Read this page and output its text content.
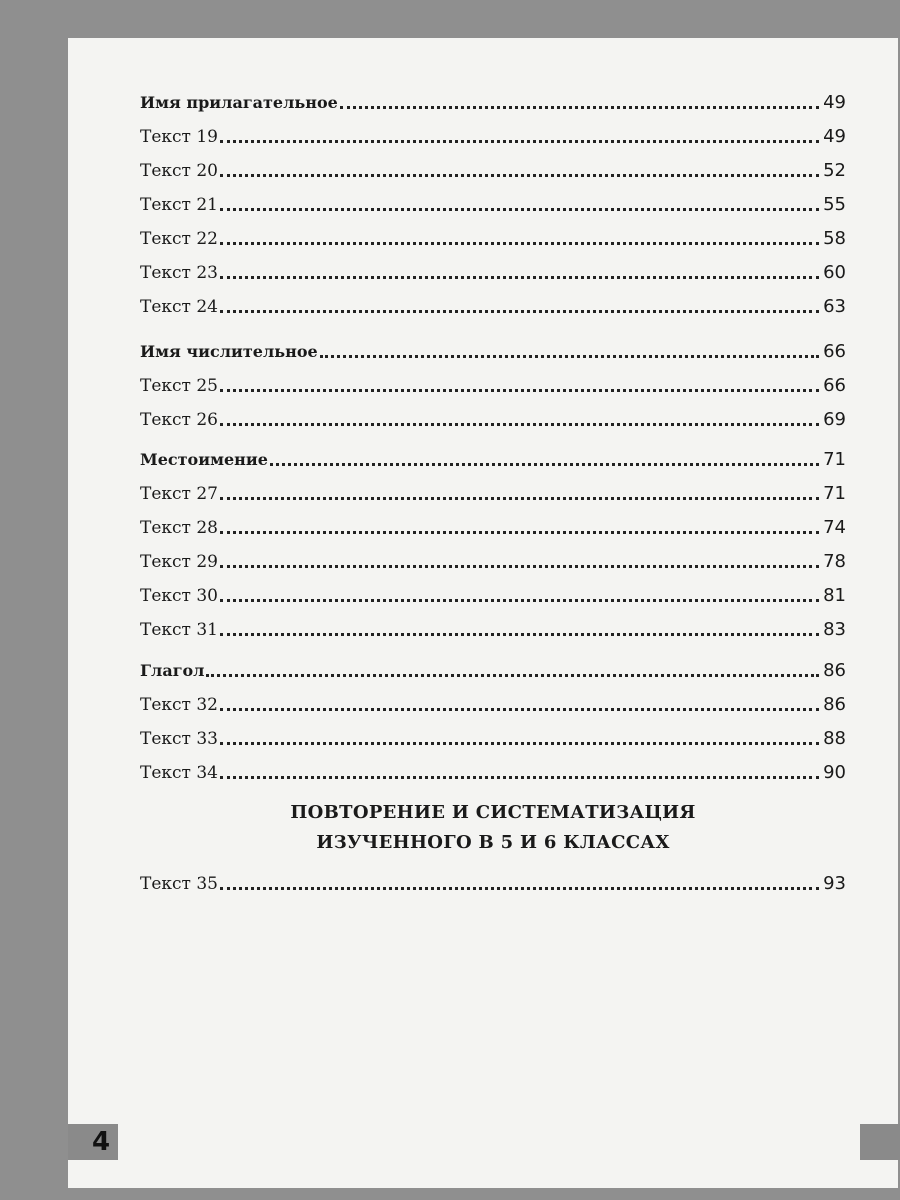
4
ПОВТОРЕНИЕ И СИСТЕМАТИЗАЦИЯ
ИЗУЧЕННОГО В 5 И 6 КЛАССАХ
Имя прилагательное	49
Текст 19	49
Текст 20	52
Текст 21	55
Текст 22	58
Текст 23	60
Текст 24	63
Имя числительное	66
Текст 25	66
Текст 26	69
Местоимение	71
Текст 27	71
Текст 28	74
Текст 29	78
Текст 30	81
Текст 31	83
Глагол	86
Текст 32	86
Текст 33	88
Текст 34	90
Текст 35	93
